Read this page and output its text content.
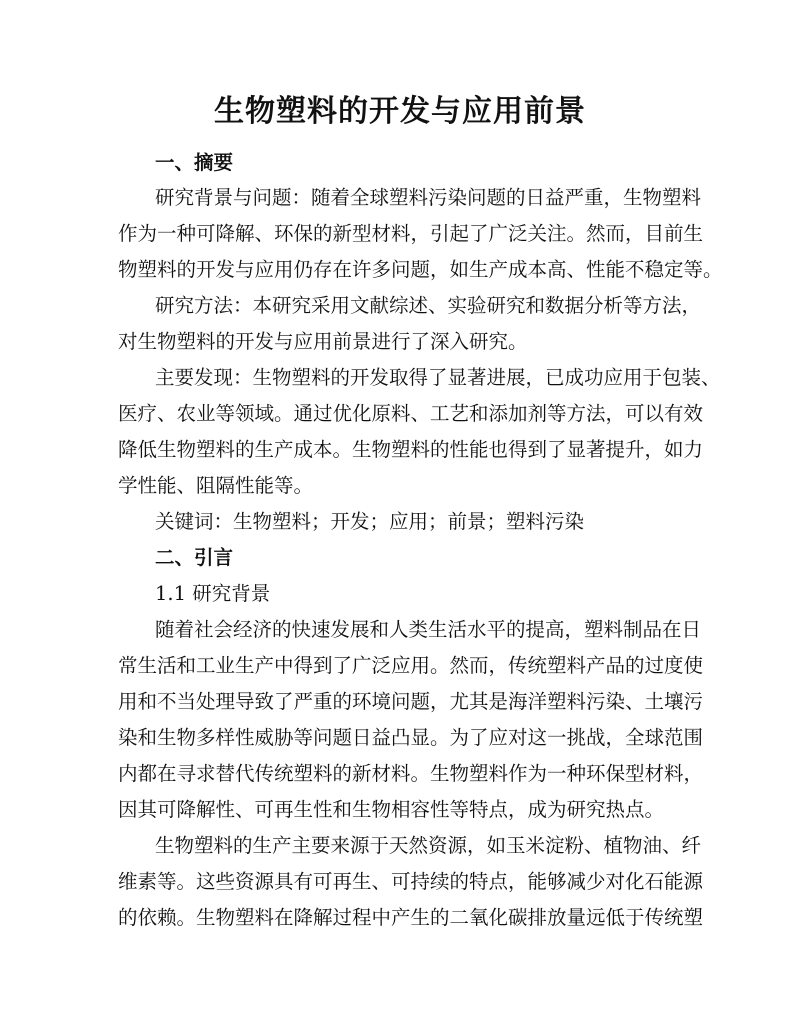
生物塑料的开发与应用前景
一、摘要
研究背景与问题：随着全球塑料污染问题的日益严重，生物塑料
作为一种可降解、环保的新型材料，引起了广泛关注。然而，目前生
物塑料的开发与应用仍存在许多问题，如生产成本高、性能不稳定等。
研究方法：本研究采用文献综述、实验研究和数据分析等方法，
对生物塑料的开发与应用前景进行了深入研究。
主要发现：生物塑料的开发取得了显著进展，已成功应用于包装、
医疗、农业等领域。通过优化原料、工艺和添加剂等方法，可以有效
降低生物塑料的生产成本。生物塑料的性能也得到了显著提升，如力
学性能、阻隔性能等。
关键词：生物塑料；开发；应用；前景；塑料污染
二、引言
1.1 研究背景
随着社会经济的快速发展和人类生活水平的提高，塑料制品在日
常生活和工业生产中得到了广泛应用。然而，传统塑料产品的过度使
用和不当处理导致了严重的环境问题，尤其是海洋塑料污染、土壤污
染和生物多样性威胁等问题日益凸显。为了应对这一挑战，全球范围
内都在寻求替代传统塑料的新材料。生物塑料作为一种环保型材料，
因其可降解性、可再生性和生物相容性等特点，成为研究热点。
生物塑料的生产主要来源于天然资源，如玉米淀粉、植物油、纤
维素等。这些资源具有可再生、可持续的特点，能够减少对化石能源
的依赖。生物塑料在降解过程中产生的二氧化碳排放量远低于传统塑
